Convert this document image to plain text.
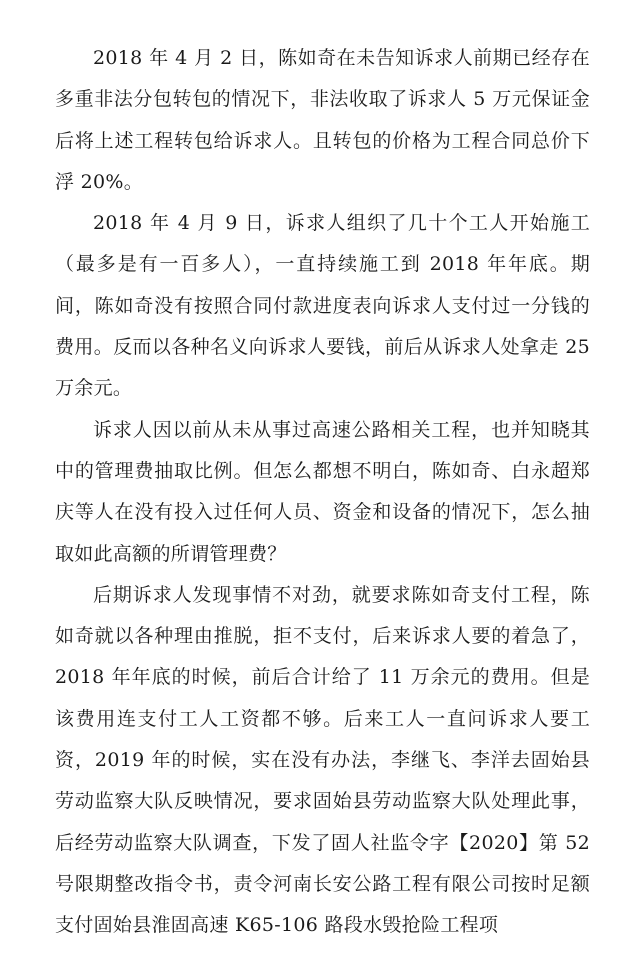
2018 年 4 月 2 日，陈如奇在未告知诉求人前期已经存在多重非法分包转包的情况下，非法收取了诉求人 5 万元保证金后将上述工程转包给诉求人。且转包的价格为工程合同总价下浮 20%。

2018 年 4 月 9 日，诉求人组织了几十个工人开始施工（最多是有一百多人），一直持续施工到 2018 年年底。期间，陈如奇没有按照合同付款进度表向诉求人支付过一分钱的费用。反而以各种名义向诉求人要钱，前后从诉求人处拿走 25 万余元。

诉求人因以前从未从事过高速公路相关工程，也并知晓其中的管理费抽取比例。但怎么都想不明白，陈如奇、白永超郑庆等人在没有投入过任何人员、资金和设备的情况下，怎么抽取如此高额的所谓管理费？

后期诉求人发现事情不对劲，就要求陈如奇支付工程，陈如奇就以各种理由推脱，拒不支付，后来诉求人要的着急了，2018 年年底的时候，前后合计给了 11 万余元的费用。但是该费用连支付工人工资都不够。后来工人一直问诉求人要工资，2019 年的时候，实在没有办法，李继飞、李洋去固始县劳动监察大队反映情况，要求固始县劳动监察大队处理此事，后经劳动监察大队调查，下发了固人社监令字【2020】第 52 号限期整改指令书，责令河南长安公路工程有限公司按时足额支付固始县淮固高速 K65-106 路段水毁抢险工程项
